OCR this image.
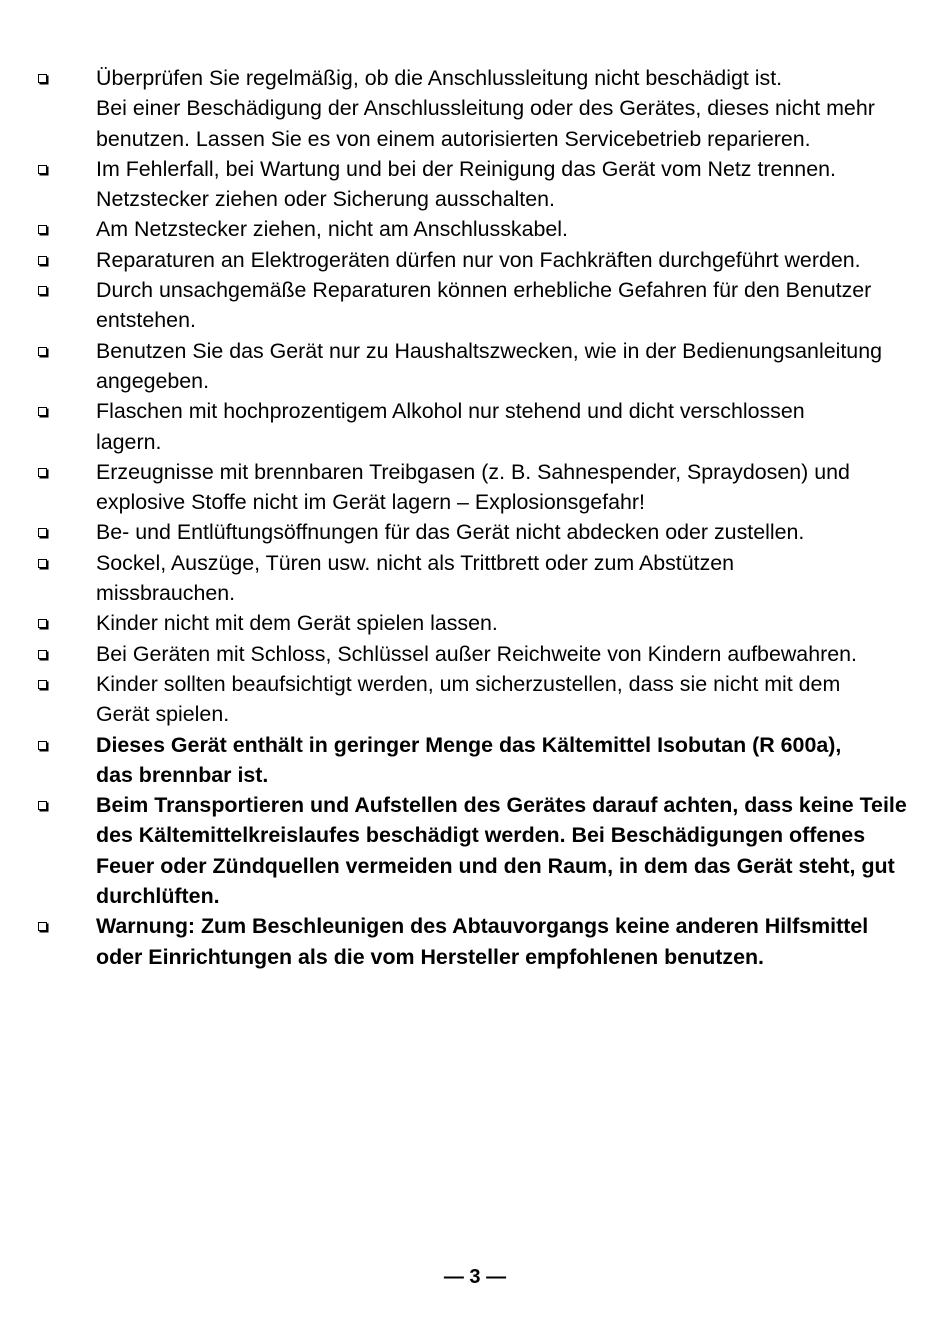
Überprüfen Sie regelmäßig, ob die Anschlussleitung nicht beschädigt ist.
Bei einer Beschädigung der Anschlussleitung oder des Gerätes, dieses nicht mehr
benutzen. Lassen Sie es von einem autorisierten Servicebetrieb reparieren.
Im Fehlerfall, bei Wartung und bei der Reinigung das Gerät vom Netz trennen.
Netzstecker ziehen oder Sicherung ausschalten.
Am Netzstecker ziehen, nicht am Anschlusskabel.
Reparaturen an Elektrogeräten dürfen nur von Fachkräften durchgeführt werden.
Durch unsachgemäße Reparaturen können erhebliche Gefahren für den Benutzer
entstehen.
Benutzen Sie das Gerät nur zu Haushaltszwecken, wie in der Bedienungsanleitung
angegeben.
Flaschen mit hochprozentigem Alkohol nur stehend und dicht verschlossen
lagern.
Erzeugnisse mit brennbaren Treibgasen (z. B. Sahnespender, Spraydosen) und
explosive Stoffe nicht im Gerät lagern – Explosionsgefahr!
Be- und Entlüftungsöffnungen für das Gerät nicht abdecken oder zustellen.
Sockel, Auszüge, Türen usw. nicht als Trittbrett oder zum Abstützen
missbrauchen.
Kinder nicht mit dem Gerät spielen lassen.
Bei Geräten mit Schloss, Schlüssel außer Reichweite von Kindern aufbewahren.
Kinder sollten beaufsichtigt werden, um sicherzustellen, dass sie nicht mit dem
Gerät spielen.
Dieses Gerät enthält in geringer Menge das Kältemittel Isobutan (R 600a),
das brennbar ist.
Beim Transportieren und Aufstellen des Gerätes darauf achten, dass keine Teile
des Kältemittelkreislaufes beschädigt werden. Bei Beschädigungen offenes
Feuer oder Zündquellen vermeiden und den Raum, in dem das Gerät steht, gut
durchlüften.
Warnung: Zum Beschleunigen des Abtauvorgangs keine anderen Hilfsmittel
oder Einrichtungen als die vom Hersteller empfohlenen benutzen.
— 3 —
